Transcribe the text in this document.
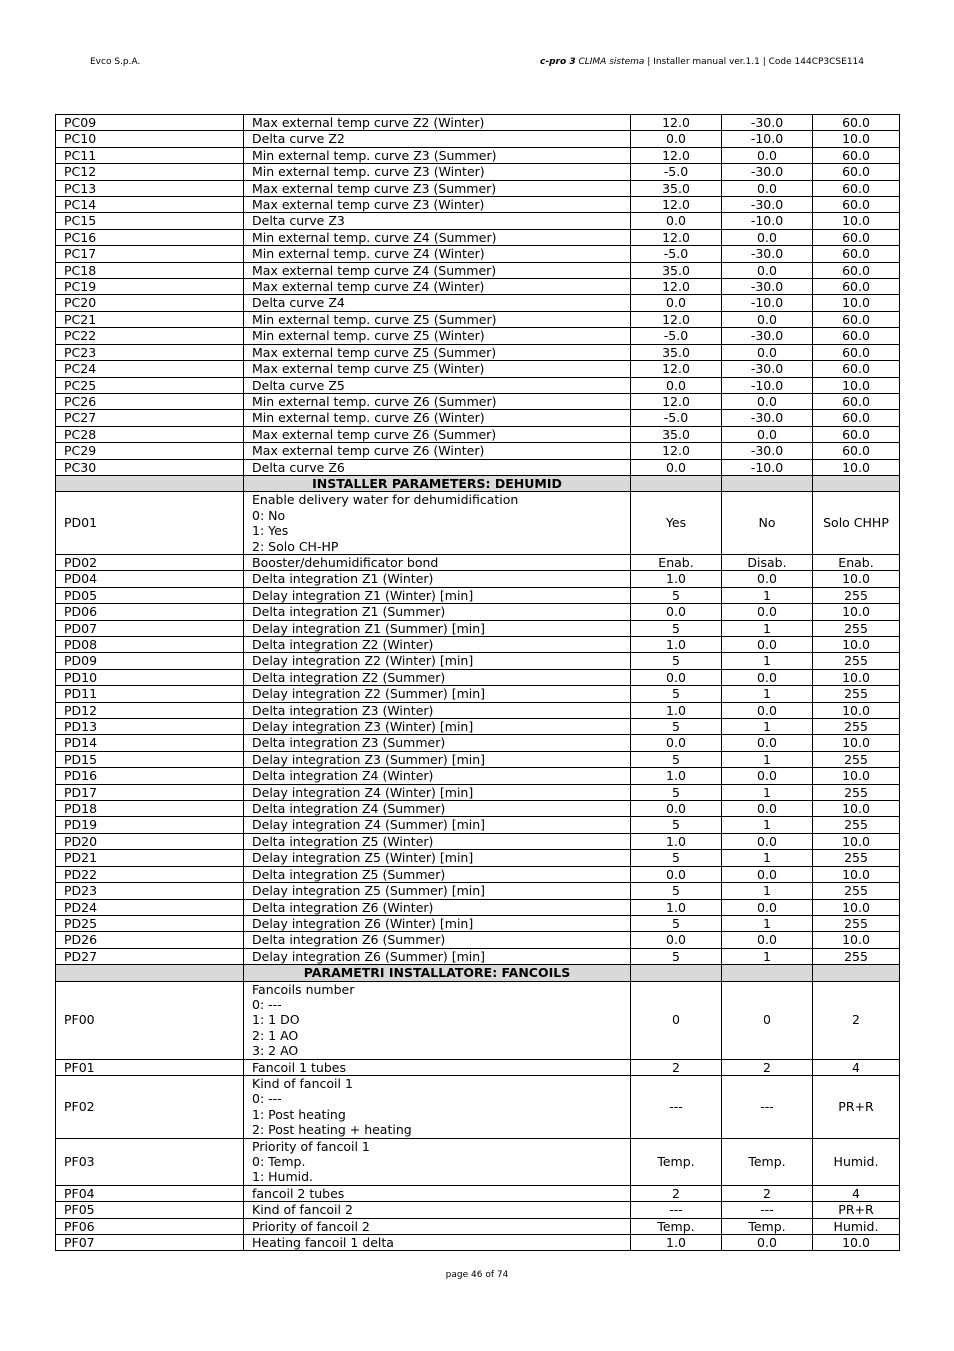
Evco S.p.A.	c-pro 3 CLIMA sistema | Installer manual ver.1.1 | Code 144CP3CSE114
PC09	Max external temp curve Z2 (Winter)	12.0	-30.0	60.0
PC10	Delta curve Z2	0.0	-10.0	10.0
PC11	Min external temp. curve Z3 (Summer)	12.0	0.0	60.0
PC12	Min external temp. curve Z3 (Winter)	-5.0	-30.0	60.0
PC13	Max external temp curve Z3 (Summer)	35.0	0.0	60.0
PC14	Max external temp curve Z3 (Winter)	12.0	-30.0	60.0
PC15	Delta curve Z3	0.0	-10.0	10.0
PC16	Min external temp. curve Z4 (Summer)	12.0	0.0	60.0
PC17	Min external temp. curve Z4 (Winter)	-5.0	-30.0	60.0
PC18	Max external temp curve Z4 (Summer)	35.0	0.0	60.0
PC19	Max external temp curve Z4 (Winter)	12.0	-30.0	60.0
PC20	Delta curve Z4	0.0	-10.0	10.0
PC21	Min external temp. curve Z5 (Summer)	12.0	0.0	60.0
PC22	Min external temp. curve Z5 (Winter)	-5.0	-30.0	60.0
PC23	Max external temp curve Z5 (Summer)	35.0	0.0	60.0
PC24	Max external temp curve Z5 (Winter)	12.0	-30.0	60.0
PC25	Delta curve Z5	0.0	-10.0	10.0
PC26	Min external temp. curve Z6 (Summer)	12.0	0.0	60.0
PC27	Min external temp. curve Z6 (Winter)	-5.0	-30.0	60.0
PC28	Max external temp curve Z6 (Summer)	35.0	0.0	60.0
PC29	Max external temp curve Z6 (Winter)	12.0	-30.0	60.0
PC30	Delta curve Z6	0.0	-10.0	10.0
	INSTALLER PARAMETERS: DEHUMID			
PD01	Enable delivery water for dehumidification
0: No
1: Yes
2: Solo CH-HP	Yes	No	Solo CHHP
PD02	Booster/dehumidificator bond	Enab.	Disab.	Enab.
PD04	Delta integration Z1 (Winter)	1.0	0.0	10.0
PD05	Delay integration Z1 (Winter) [min]	5	1	255
PD06	Delta integration Z1 (Summer)	0.0	0.0	10.0
PD07	Delay integration Z1 (Summer) [min]	5	1	255
PD08	Delta integration Z2 (Winter)	1.0	0.0	10.0
PD09	Delay integration Z2 (Winter) [min]	5	1	255
PD10	Delta integration Z2 (Summer)	0.0	0.0	10.0
PD11	Delay integration Z2 (Summer) [min]	5	1	255
PD12	Delta integration Z3 (Winter)	1.0	0.0	10.0
PD13	Delay integration Z3 (Winter) [min]	5	1	255
PD14	Delta integration Z3 (Summer)	0.0	0.0	10.0
PD15	Delay integration Z3 (Summer) [min]	5	1	255
PD16	Delta integration Z4 (Winter)	1.0	0.0	10.0
PD17	Delay integration Z4 (Winter) [min]	5	1	255
PD18	Delta integration Z4 (Summer)	0.0	0.0	10.0
PD19	Delay integration Z4 (Summer) [min]	5	1	255
PD20	Delta integration Z5 (Winter)	1.0	0.0	10.0
PD21	Delay integration Z5 (Winter) [min]	5	1	255
PD22	Delta integration Z5 (Summer)	0.0	0.0	10.0
PD23	Delay integration Z5 (Summer) [min]	5	1	255
PD24	Delta integration Z6 (Winter)	1.0	0.0	10.0
PD25	Delay integration Z6 (Winter) [min]	5	1	255
PD26	Delta integration Z6 (Summer)	0.0	0.0	10.0
PD27	Delay integration Z6 (Summer) [min]	5	1	255
	PARAMETRI INSTALLATORE: FANCOILS			
PF00	Fancoils number
0: ---
1: 1 DO
2: 1 AO
3: 2 AO	0	0	2
PF01	Fancoil 1 tubes	2	2	4
PF02	Kind of fancoil 1
0: ---
1: Post heating
2: Post heating + heating	---	---	PR+R
PF03	Priority of fancoil 1
0: Temp.
1: Humid.	Temp.	Temp.	Humid.
PF04	fancoil 2 tubes	2	2	4
PF05	Kind of fancoil 2	---	---	PR+R
PF06	Priority of fancoil 2	Temp.	Temp.	Humid.
PF07	Heating fancoil 1 delta	1.0	0.0	10.0
page 46 of 74
